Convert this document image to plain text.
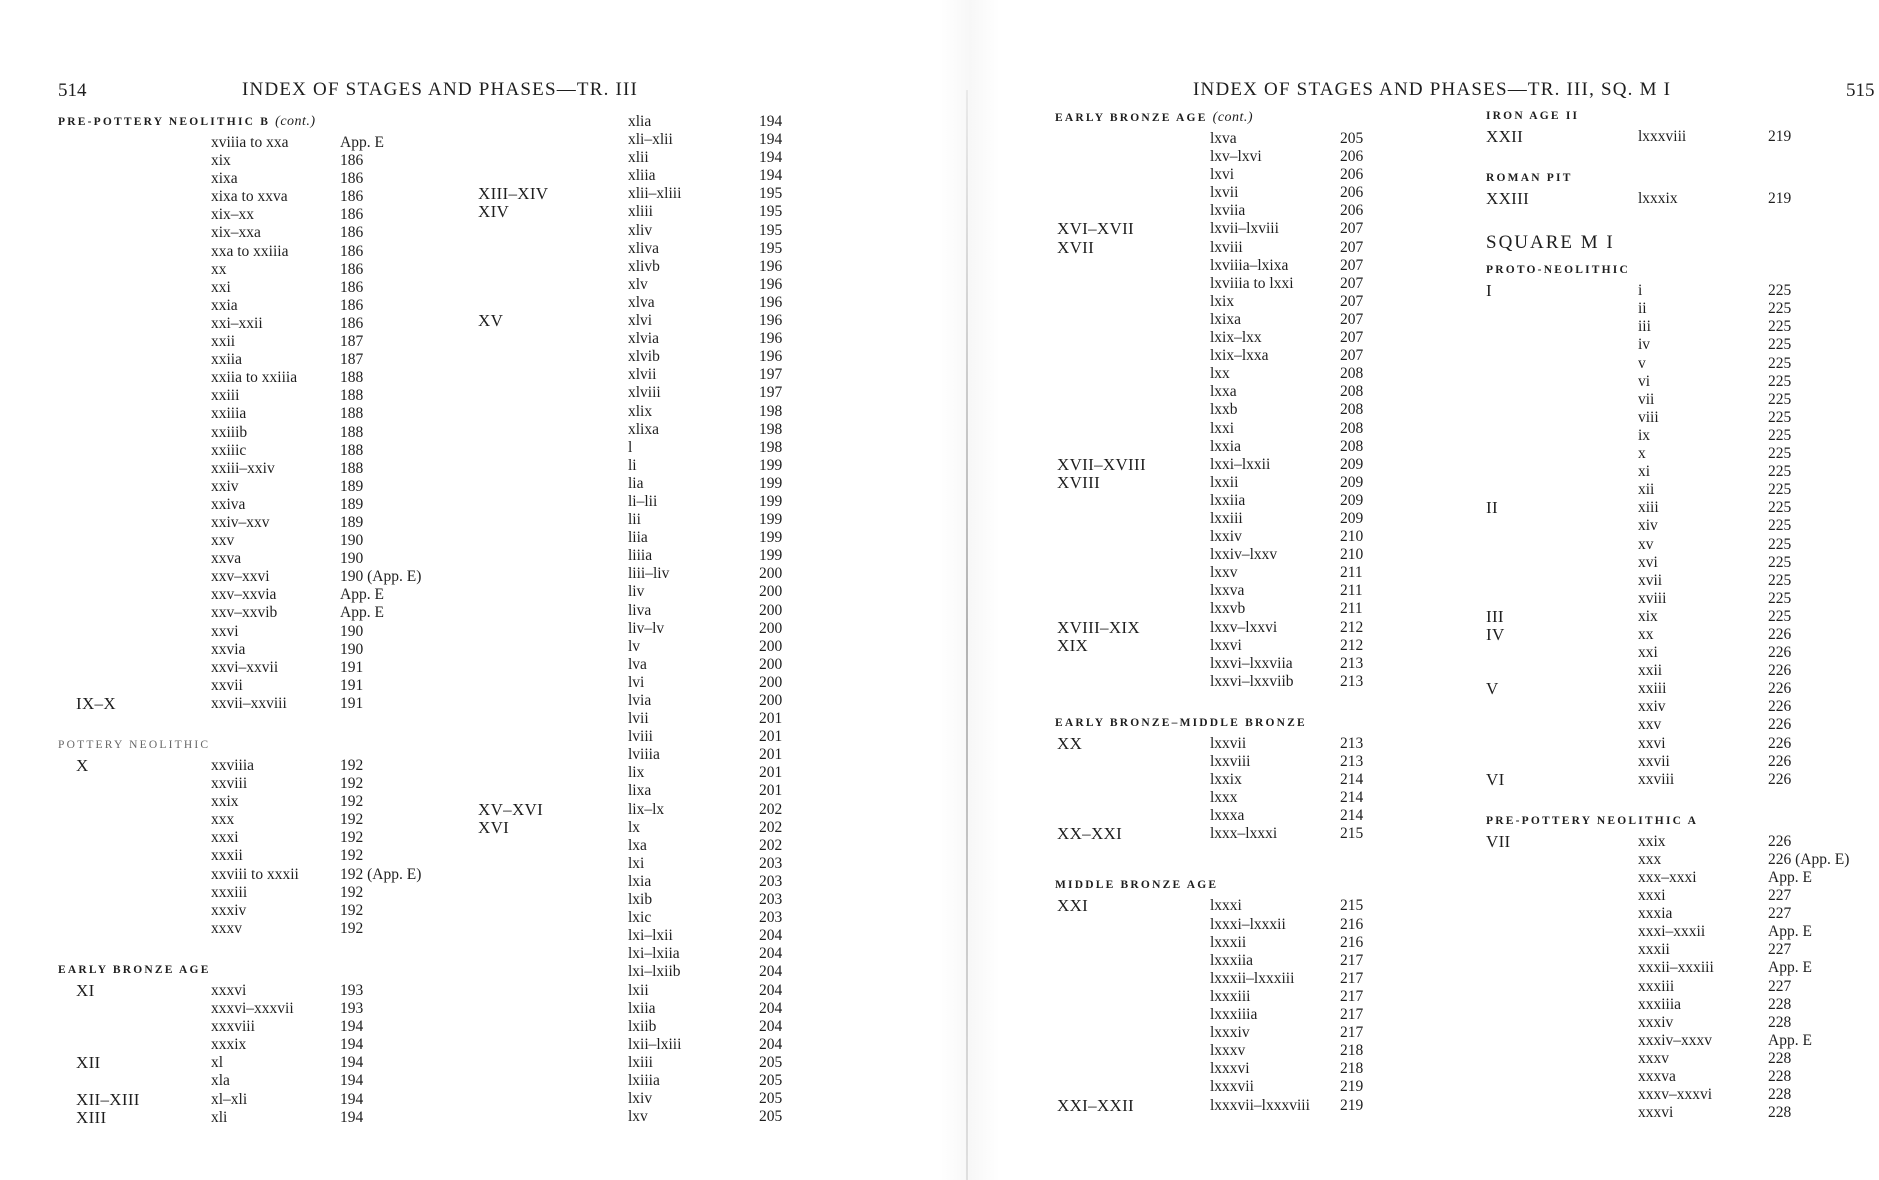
514	INDEX OF STAGES AND PHASES—TR. III
PRE-POTTERY NEOLITHIC B (cont.)
xviiia to xxa	App. E
xix	186
xixa	186
xixa to xxva	186
xix–xx	186
xix–xxa	186
xxa to xxiiia	186
xx	186
xxi	186
xxia	186
xxi–xxii	186
xxii	187
xxiia	187
xxiia to xxiiia	188
xxiii	188
xxiiia	188
xxiiib	188
xxiiic	188
xxiii–xxiv	188
xxiv	189
xxiva	189
xxiv–xxv	189
xxv	190
xxva	190
xxv–xxvi	190 (App. E)
xxv–xxvia	App. E
xxv–xxvib	App. E
xxvi	190
xxvia	190
xxvi–xxvii	191
xxvii	191
IX–X	xxvii–xxviii	191
POTTERY NEOLITHIC
X	xxviiia	192
xxviii	192
xxix	192
xxx	192
xxxi	192
xxxii	192
xxviii to xxxii	192 (App. E)
xxxiii	192
xxxiv	192
xxxv	192
EARLY BRONZE AGE
XI	xxxvi	193
xxxvi–xxxvii	193
xxxviii	194
xxxix	194
XII	xl	194
xla	194
XII–XIII	xl–xli	194
XIII	xli	194
xlia	194
xli–xlii	194
xlii	194
xliia	194
XIII–XIV	xlii–xliii	195
XIV	xliii	195
xliv	195
xliva	195
xlivb	196
xlv	196
xlva	196
XV	xlvi	196
xlvia	196
xlvib	196
xlvii	197
xlviii	197
xlix	198
xlixa	198
l	198
li	199
lia	199
li–lii	199
lii	199
liia	199
liiia	199
liii–liv	200
liv	200
liva	200
liv–lv	200
lv	200
lva	200
lvi	200
lvia	200
lvii	201
lviii	201
lviiia	201
lix	201
lixa	201
XV–XVI	lix–lx	202
XVI	lx	202
lxa	202
lxi	203
lxia	203
lxib	203
lxic	203
lxi–lxii	204
lxi–lxiia	204
lxi–lxiib	204
lxii	204
lxiia	204
lxiib	204
lxii–lxiii	204
lxiii	205
lxiiia	205
lxiv	205
lxv	205
INDEX OF STAGES AND PHASES—TR. III, SQ. M I	515
EARLY BRONZE AGE (cont.)
lxva	205
lxv–lxvi	206
lxvi	206
lxvii	206
lxviia	206
XVI–XVII	lxvii–lxviii	207
XVII	lxviii	207
lxviiia–lxixa	207
lxviiia to lxxi	207
lxix	207
lxixa	207
lxix–lxx	207
lxix–lxxa	207
lxx	208
lxxa	208
lxxb	208
lxxi	208
lxxia	208
XVII–XVIII	lxxi–lxxii	209
XVIII	lxxii	209
lxxiia	209
lxxiii	209
lxxiv	210
lxxiv–lxxv	210
lxxv	211
lxxva	211
lxxvb	211
XVIII–XIX	lxxv–lxxvi	212
XIX	lxxvi	212
lxxvi–lxxviia	213
lxxvi–lxxviib	213
EARLY BRONZE–MIDDLE BRONZE
XX	lxxvii	213
lxxviii	213
lxxix	214
lxxx	214
lxxxa	214
XX–XXI	lxxx–lxxxi	215
MIDDLE BRONZE AGE
XXI	lxxxi	215
lxxxi–lxxxii	216
lxxxii	216
lxxxiia	217
lxxxii–lxxxiii	217
lxxxiii	217
lxxxiiia	217
lxxxiv	217
lxxxv	218
lxxxvi	218
lxxxvii	219
XXI–XXII	lxxxvii–lxxxviii 219
IRON AGE II
XXII	lxxxviii	219
ROMAN PIT
XXIII	lxxxix	219
SQUARE M I
PROTO-NEOLITHIC
I	i	225
ii	225
iii	225
iv	225
v	225
vi	225
vii	225
viii	225
ix	225
x	225
xi	225
xii	225
II	xiii	225
xiv	225
xv	225
xvi	225
xvii	225
xviii	225
III	xix	225
IV	xx	226
xxi	226
xxii	226
V	xxiii	226
xxiv	226
xxv	226
xxvi	226
xxvii	226
VI	xxviii	226
PRE-POTTERY NEOLITHIC A
VII	xxix	226
xxx	226 (App. E)
xxx–xxxi	App. E
xxxi	227
xxxia	227
xxxi–xxxii	App. E
xxxii	227
xxxii–xxxiii	App. E
xxxiii	227
xxxiiia	228
xxxiv	228
xxxiv–xxxv	App. E
xxxv	228
xxxva	228
xxxv–xxxvi	228
xxxvi	228
